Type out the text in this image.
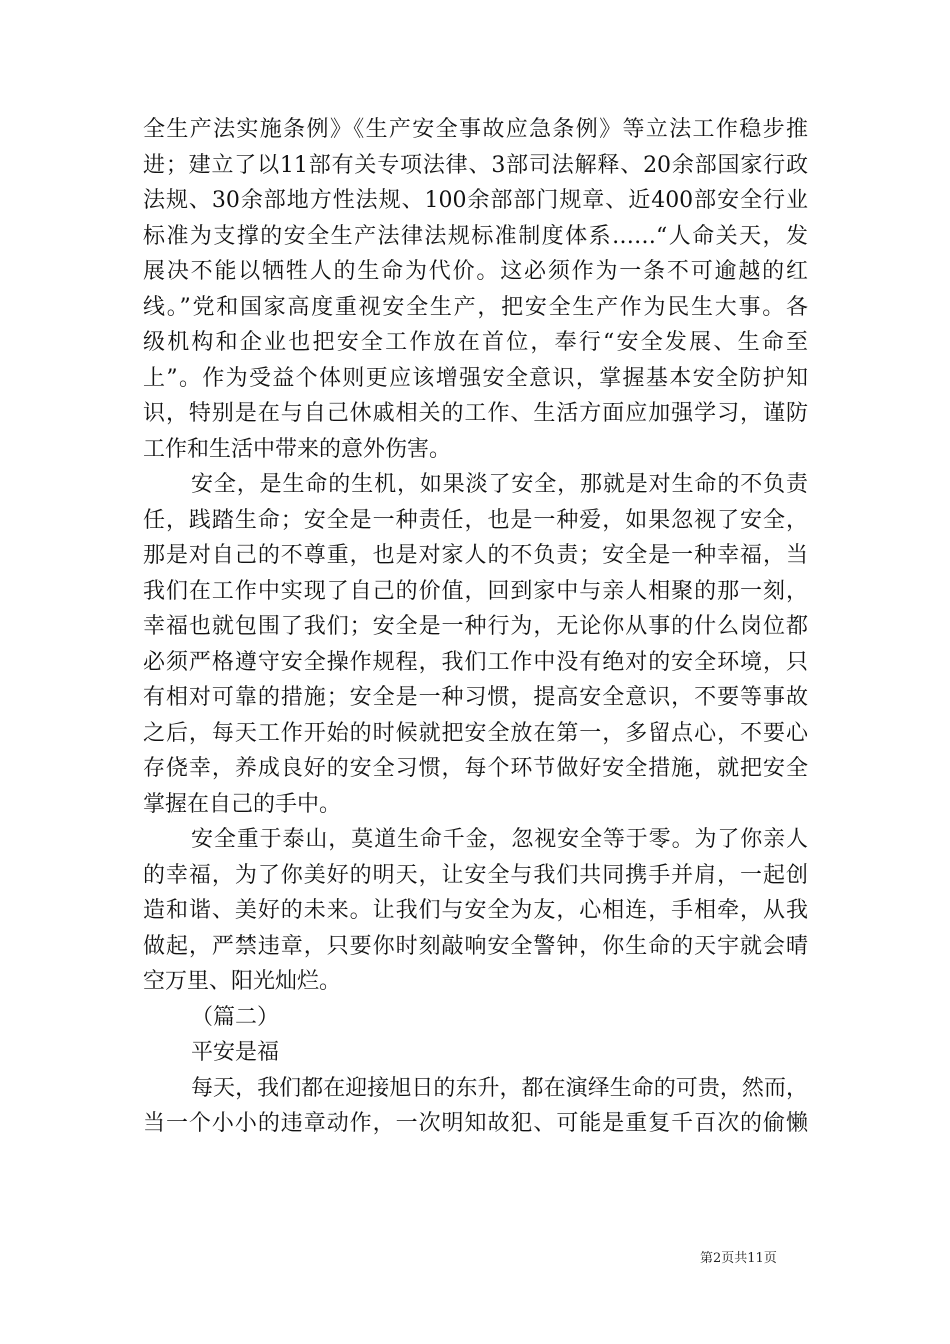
全生产法实施条例》《生产安全事故应急条例》等立法工作稳步推
进；建立了以11部有关专项法律、3部司法解释、20余部国家行政
法规、30余部地方性法规、100余部部门规章、近400部安全行业
标准为支撑的安全生产法律法规标准制度体系……“人命关天，发
展决不能以牺牲人的生命为代价。这必须作为一条不可逾越的红
线。”党和国家高度重视安全生产，把安全生产作为民生大事。各
级机构和企业也把安全工作放在首位，奉行“安全发展、生命至
上”。作为受益个体则更应该增强安全意识，掌握基本安全防护知
识，特别是在与自己休戚相关的工作、生活方面应加强学习，谨防
工作和生活中带来的意外伤害。
安全，是生命的生机，如果淡了安全，那就是对生命的不负责
任，践踏生命；安全是一种责任，也是一种爱，如果忽视了安全，
那是对自己的不尊重，也是对家人的不负责；安全是一种幸福，当
我们在工作中实现了自己的价值，回到家中与亲人相聚的那一刻，
幸福也就包围了我们；安全是一种行为，无论你从事的什么岗位都
必须严格遵守安全操作规程，我们工作中没有绝对的安全环境，只
有相对可靠的措施；安全是一种习惯，提高安全意识，不要等事故
之后，每天工作开始的时候就把安全放在第一，多留点心，不要心
存侥幸，养成良好的安全习惯，每个环节做好安全措施，就把安全
掌握在自己的手中。
安全重于泰山，莫道生命千金，忽视安全等于零。为了你亲人
的幸福，为了你美好的明天，让安全与我们共同携手并肩，一起创
造和谐、美好的未来。让我们与安全为友，心相连，手相牵，从我
做起，严禁违章，只要你时刻敲响安全警钟，你生命的天宇就会晴
空万里、阳光灿烂。
（篇二）
平安是福
每天，我们都在迎接旭日的东升，都在演绎生命的可贵，然而，
当一个小小的违章动作，一次明知故犯、可能是重复千百次的偷懒
第2页共11页
